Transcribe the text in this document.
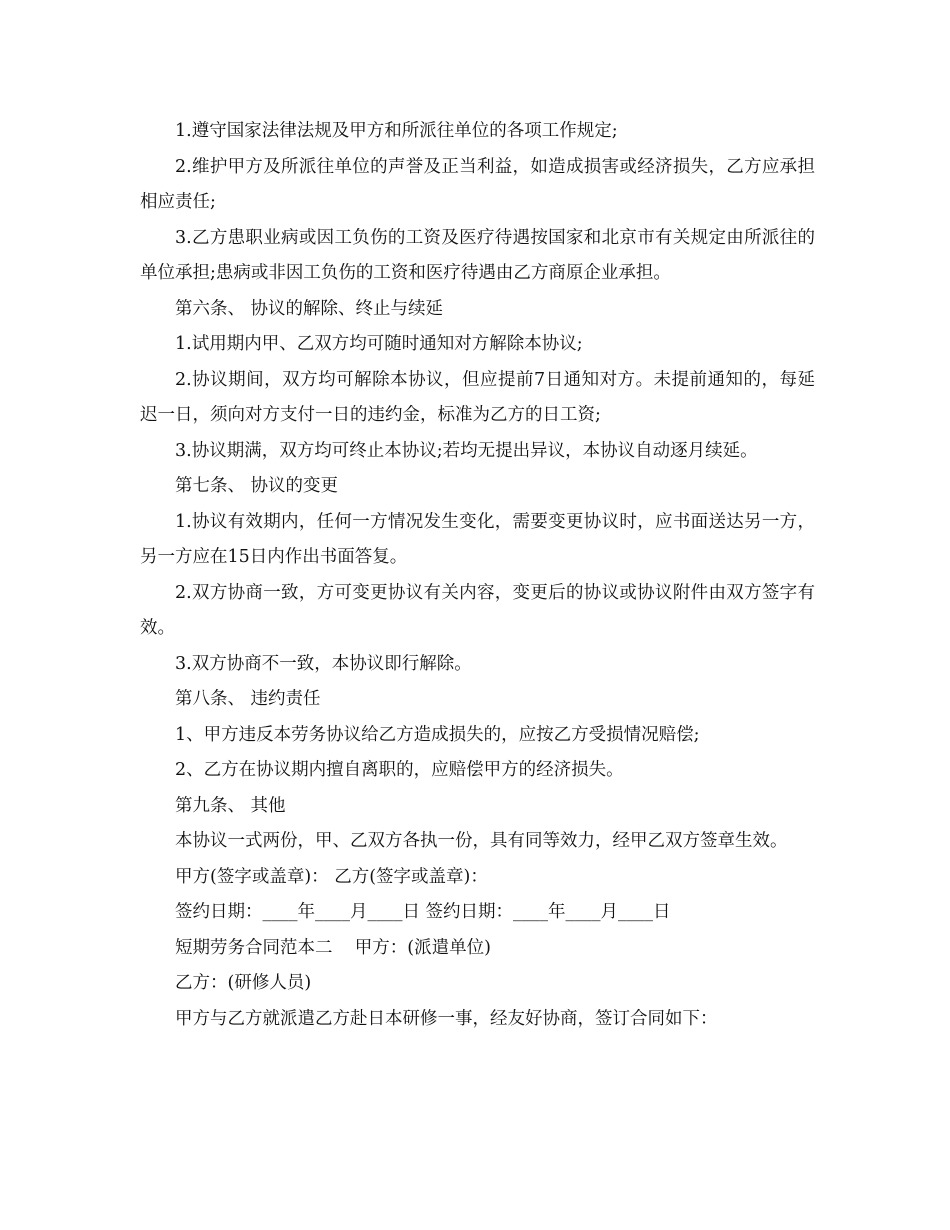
1.遵守国家法律法规及甲方和所派往单位的各项工作规定;

2.维护甲方及所派往单位的声誉及正当利益，如造成损害或经济损失，乙方应承担相应责任;

3.乙方患职业病或因工负伤的工资及医疗待遇按国家和北京市有关规定由所派往的单位承担;患病或非因工负伤的工资和医疗待遇由乙方商原企业承担。

第六条、 协议的解除、终止与续延

1.试用期内甲、乙双方均可随时通知对方解除本协议;

2.协议期间，双方均可解除本协议，但应提前7日通知对方。未提前通知的，每延迟一日，须向对方支付一日的违约金，标准为乙方的日工资;

3.协议期满，双方均可终止本协议;若均无提出异议，本协议自动逐月续延。

第七条、 协议的变更

1.协议有效期内，任何一方情况发生变化，需要变更协议时，应书面送达另一方，另一方应在15日内作出书面答复。

2.双方协商一致，方可变更协议有关内容，变更后的协议或协议附件由双方签字有效。

3.双方协商不一致，本协议即行解除。

第八条、 违约责任

1、甲方违反本劳务协议给乙方造成损失的，应按乙方受损情况赔偿;

2、乙方在协议期内擅自离职的，应赔偿甲方的经济损失。

第九条、 其他

本协议一式两份，甲、乙双方各执一份，具有同等效力，经甲乙双方签章生效。

甲方(签字或盖章)： 乙方(签字或盖章)：

签约日期：____年____月____日 签约日期：____年____月____日

短期劳务合同范本二    甲方：(派遣单位)

乙方：(研修人员)

甲方与乙方就派遣乙方赴日本研修一事，经友好协商，签订合同如下：
